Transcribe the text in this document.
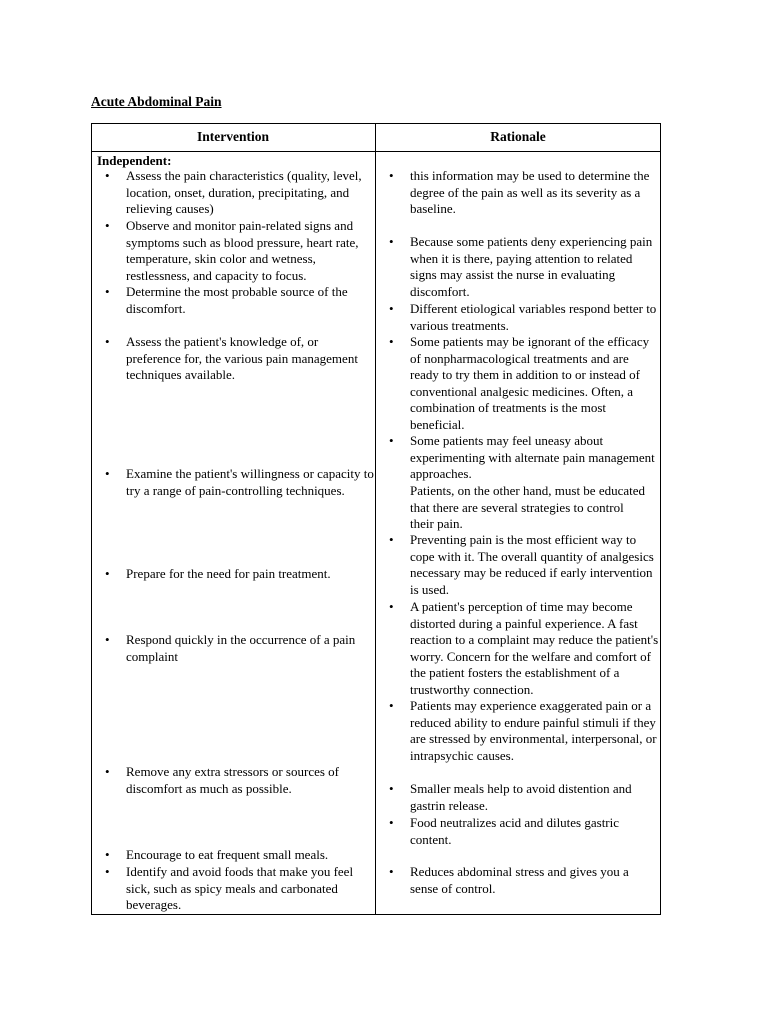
Acute Abdominal Pain
Intervention	Rationale
Independent:
• Assess the pain characteristics (quality, level, location, onset, duration, precipitating, and relieving causes)
• Observe and monitor pain-related signs and symptoms such as blood pressure, heart rate, temperature, skin color and wetness, restlessness, and capacity to focus.
• Determine the most probable source of the discomfort.
• Assess the patient's knowledge of, or preference for, the various pain management techniques available.
• Examine the patient's willingness or capacity to try a range of pain-controlling techniques.
• Prepare for the need for pain treatment.
• Respond quickly in the occurrence of a pain complaint
• Remove any extra stressors or sources of discomfort as much as possible.
• Encourage to eat frequent small meals.
• Identify and avoid foods that make you feel sick, such as spicy meals and carbonated beverages.
• this information may be used to determine the degree of the pain as well as its severity as a baseline.
• Because some patients deny experiencing pain when it is there, paying attention to related signs may assist the nurse in evaluating discomfort.
• Different etiological variables respond better to various treatments.
• Some patients may be ignorant of the efficacy of nonpharmacological treatments and are ready to try them in addition to or instead of conventional analgesic medicines. Often, a combination of treatments is the most beneficial.
• Some patients may feel uneasy about experimenting with alternate pain management approaches.
• Preventing pain is the most efficient way to cope with it. The overall quantity of analgesics necessary may be reduced if early intervention is used.
• A patient's perception of time may become distorted during a painful experience. A fast reaction to a complaint may reduce the patient's worry. Concern for the welfare and comfort of the patient fosters the establishment of a trustworthy connection.
• Patients may experience exaggerated pain or a reduced ability to endure painful stimuli if they are stressed by environmental, interpersonal, or intrapsychic causes.
• Smaller meals help to avoid distention and gastrin release.
• Food neutralizes acid and dilutes gastric content.
• Reduces abdominal stress and gives you a sense of control.
Patients, on the other hand, must be educated that there are several strategies to control their pain.
